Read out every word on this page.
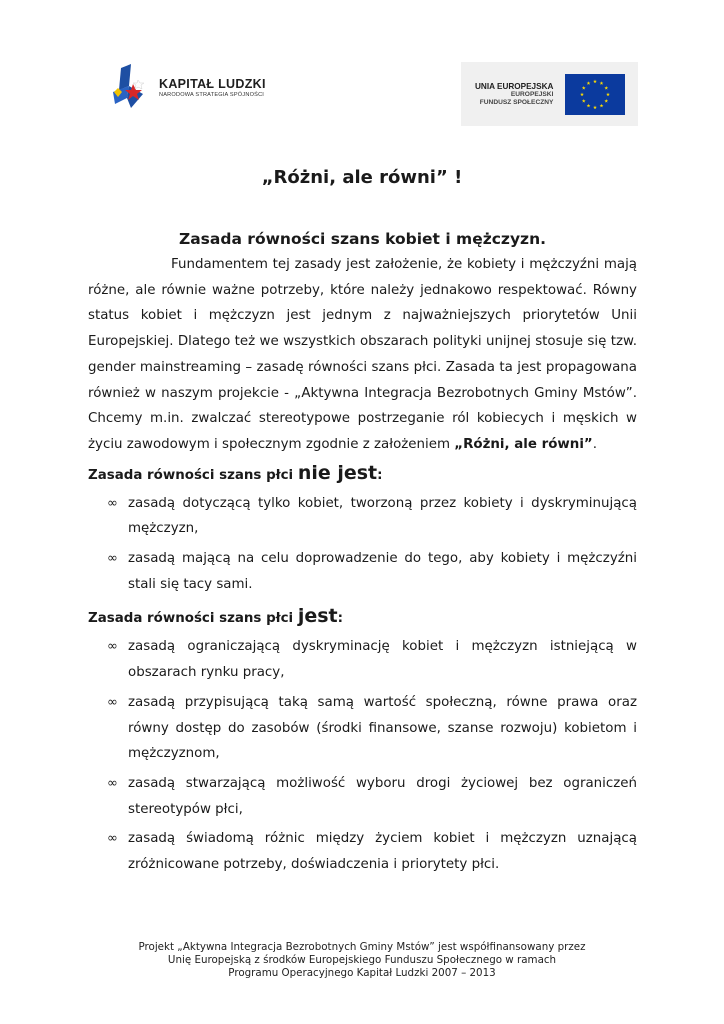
KAPITAŁ LUDZKI
NARODOWA STRATEGIA SPÓJNOŚCI
UNIA EUROPEJSKA
EUROPEJSKI
FUNDUSZ SPOŁECZNY
„Różni, ale równi” !
Zasada równości szans kobiet i mężczyzn.

Fundamentem tej zasady jest założenie, że kobiety i mężczyźni mają różne, ale równie ważne potrzeby, które należy jednakowo respektować. Równy status kobiet i mężczyzn jest jednym z najważniejszych priorytetów Unii Europejskiej. Dlatego też we wszystkich obszarach polityki unijnej stosuje się tzw. gender mainstreaming – zasadę równości szans płci. Zasada ta jest propagowana również w naszym projekcie - „Aktywna Integracja Bezrobotnych Gminy Mstów”. Chcemy m.in. zwalczać stereotypowe postrzeganie ról kobiecych i męskich w życiu zawodowym i społecznym zgodnie z założeniem „Różni, ale równi”.

Zasada równości szans płci nie jest:

∞ zasadą dotyczącą tylko kobiet, tworzoną przez kobiety i dyskryminującą mężczyzn,
∞ zasadą mającą na celu doprowadzenie do tego, aby kobiety i mężczyźni stali się tacy sami.

Zasada równości szans płci jest:

∞ zasadą ograniczającą dyskryminację kobiet i mężczyzn istniejącą w obszarach rynku pracy,
∞ zasadą przypisującą taką samą wartość społeczną, równe prawa oraz równy dostęp do zasobów (środki finansowe, szanse rozwoju) kobietom i mężczyznom,
∞ zasadą stwarzającą możliwość wyboru drogi życiowej bez ograniczeń stereotypów płci,
∞ zasadą świadomą różnic między życiem kobiet i mężczyzn uznającą zróżnicowane potrzeby, doświadczenia i priorytety płci.
Projekt „Aktywna Integracja Bezrobotnych Gminy Mstów” jest współfinansowany przez
Unię Europejską z środków Europejskiego Funduszu Społecznego w ramach
Programu Operacyjnego Kapitał Ludzki 2007 – 2013
